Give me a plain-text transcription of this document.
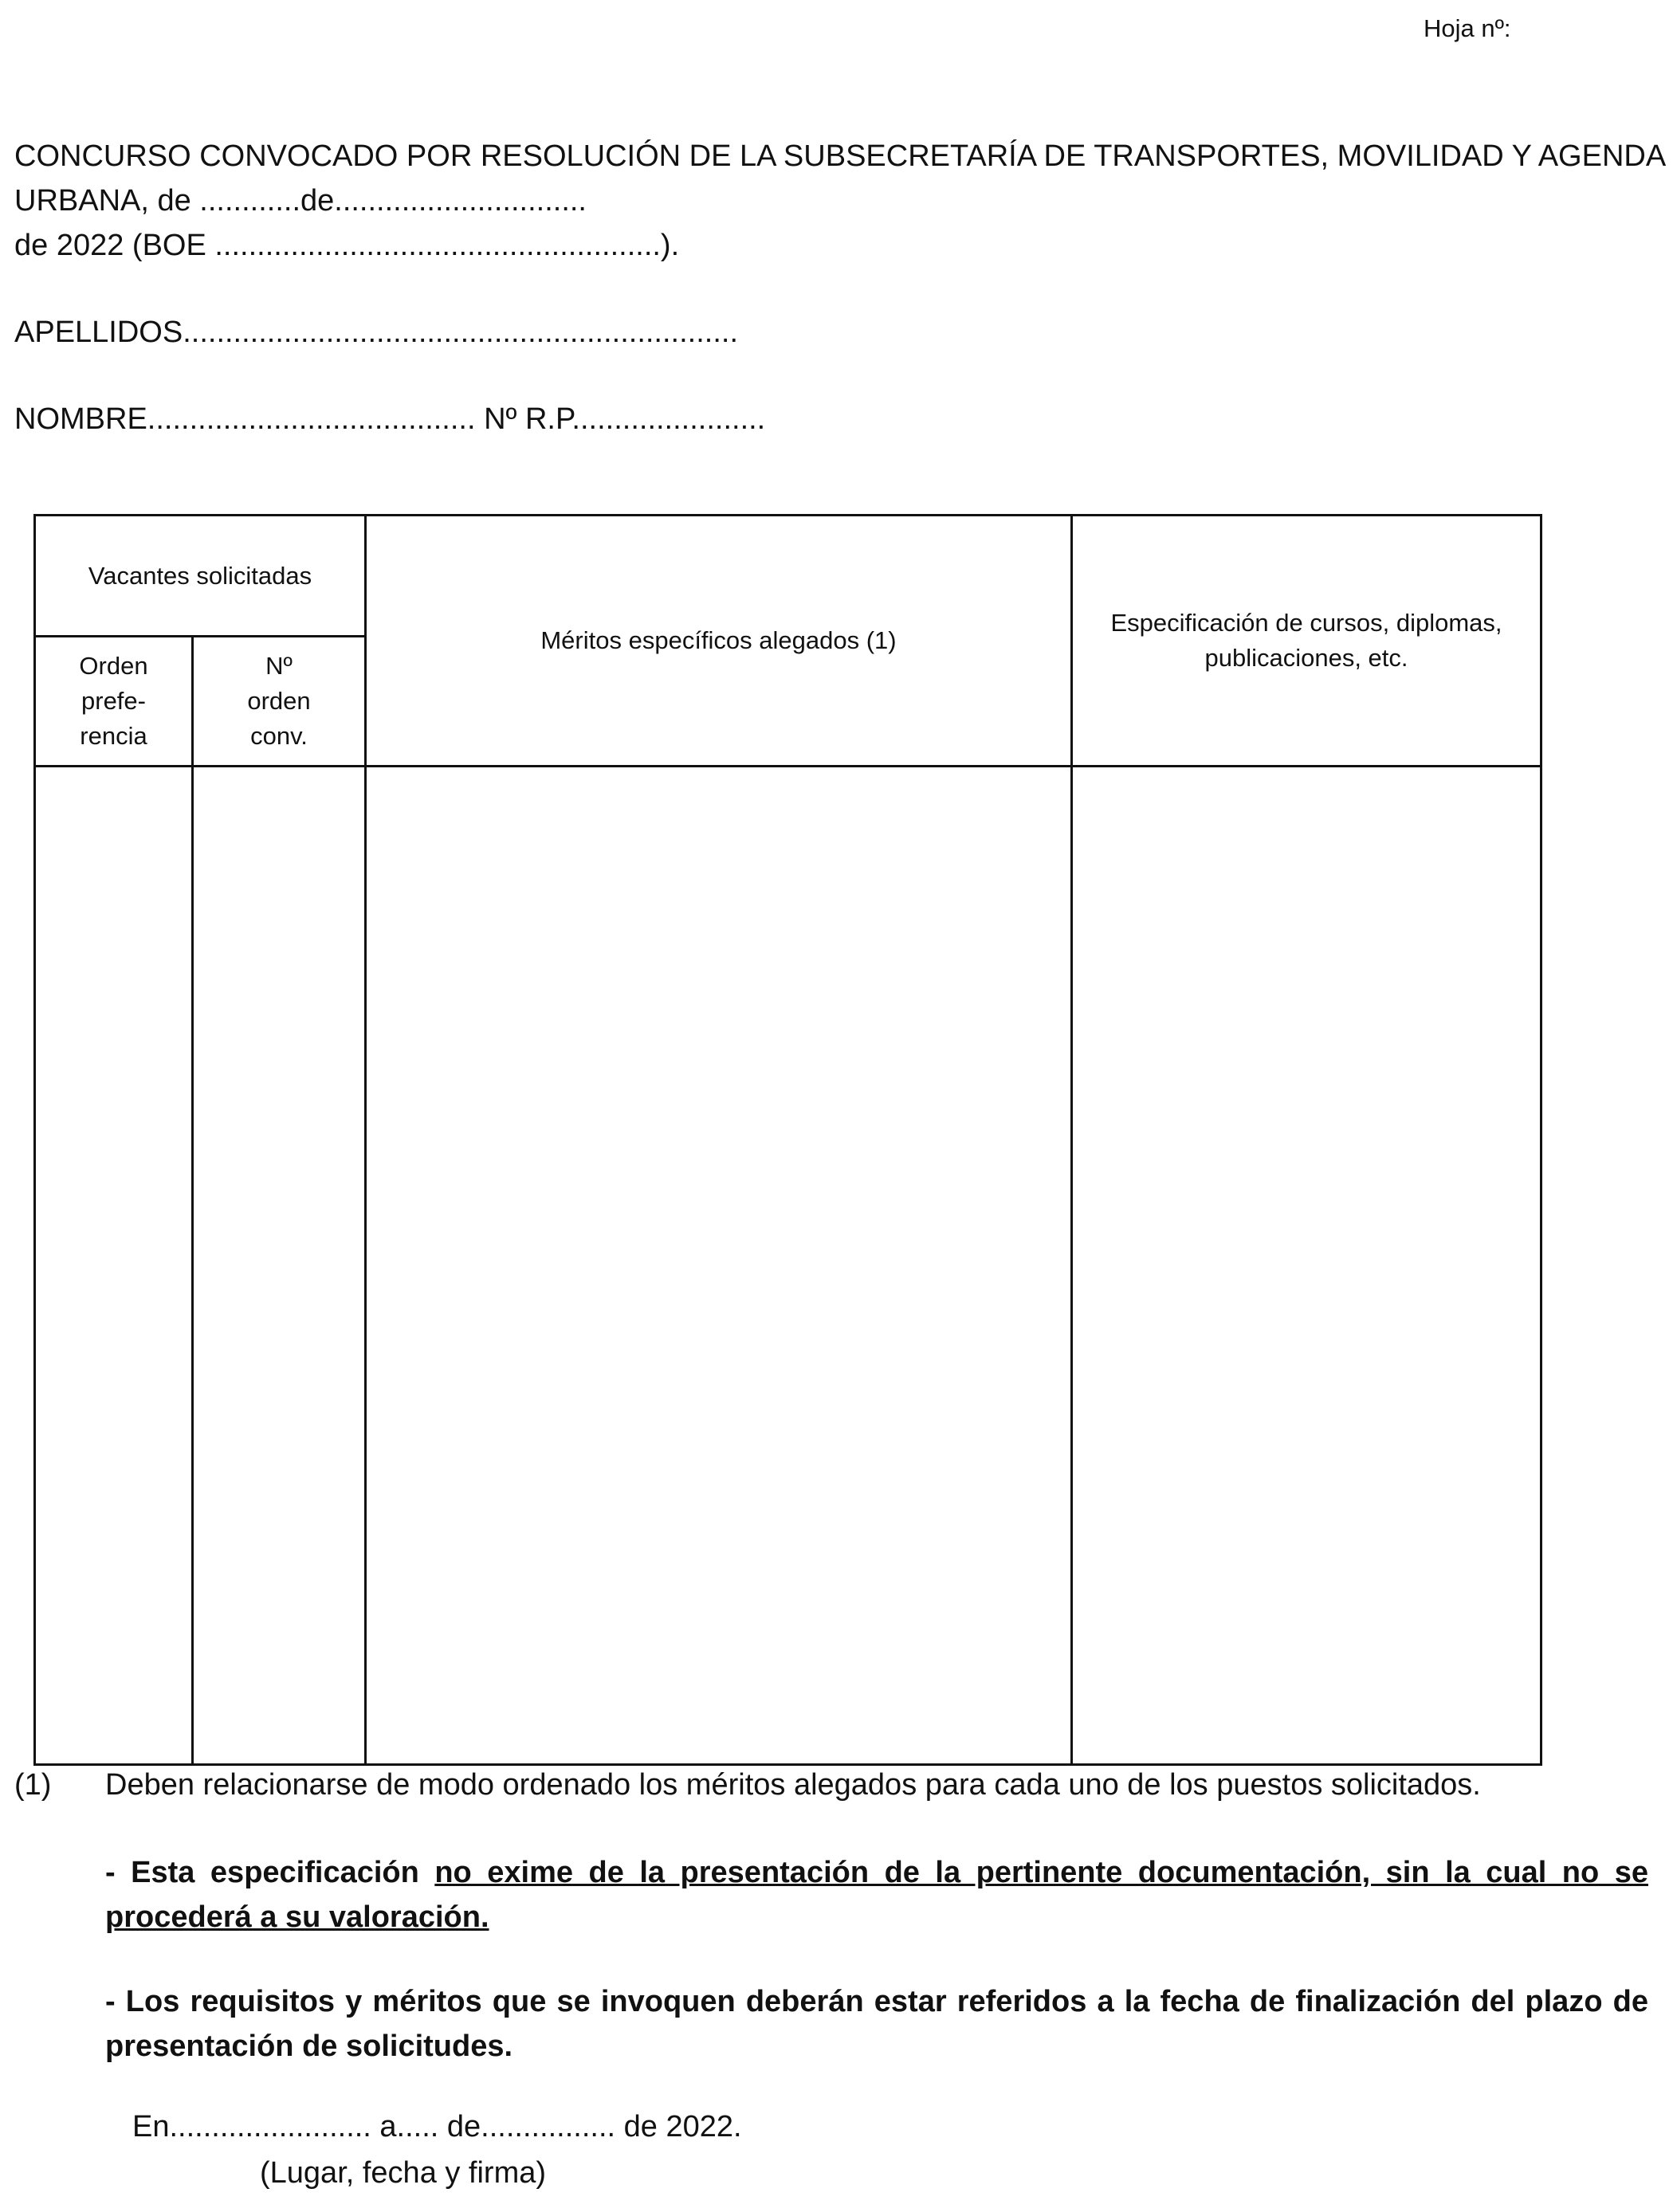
Hoja nº:
CONCURSO CONVOCADO POR RESOLUCIÓN DE LA SUBSECRETARÍA DE TRANSPORTES, MOVILIDAD Y AGENDA
URBANA, de ............de..............................
de 2022 (BOE .....................................................).
APELLIDOS..................................................................
NOMBRE....................................... Nº R.P.......................
Vacantes solicitadas		Méritos específicos alegados (1)	Especificación de cursos, diplomas, publicaciones, etc.
Orden prefe- rencia	Nº orden conv.		

(1) Deben relacionarse de modo ordenado los méritos alegados para cada uno de los puestos solicitados.
- Esta especificación no exime de la presentación de la pertinente documentación, sin la cual no se procederá a su valoración.
- Los requisitos y méritos que se invoquen deberán estar referidos a la fecha de finalización del plazo de presentación de solicitudes.
En........................ a..... de................ de 2022.
(Lugar, fecha y firma)
